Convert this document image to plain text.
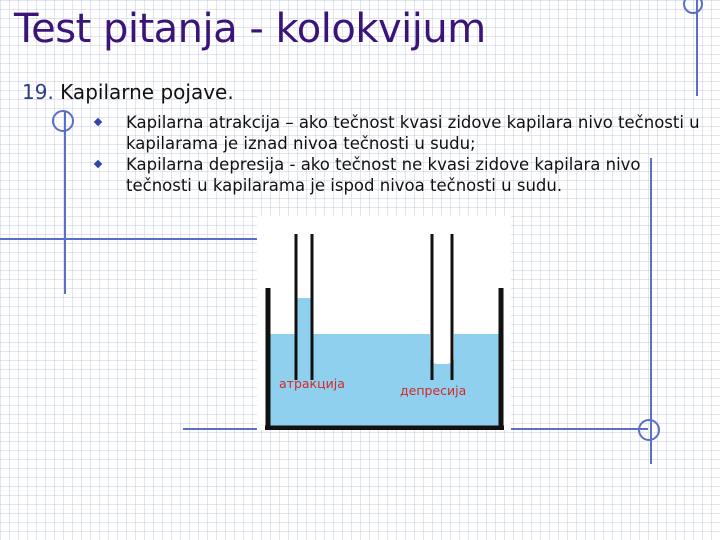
Test pitanja - kolokvijum
19. Kapilarne pojave.
Kapilarna atrakcija – ako tečnost kvasi zidove kapilara nivo tečnosti u kapilarama je iznad nivoa tečnosti u sudu;
Kapilarna depresija - ako tečnost ne kvasi zidove kapilara nivo tečnosti u kapilarama je ispod nivoa tečnosti u sudu.
атракција	депресија
